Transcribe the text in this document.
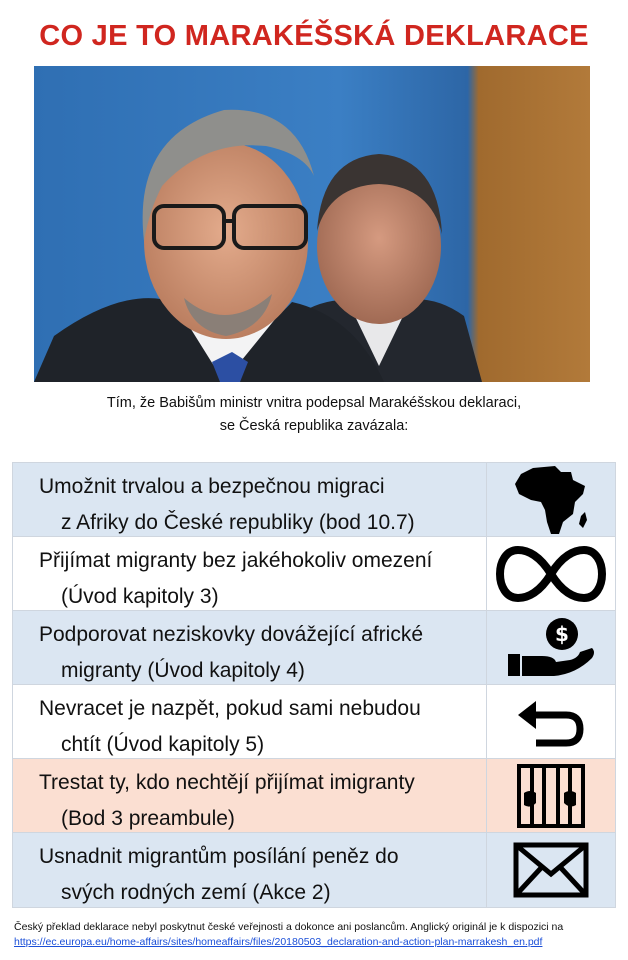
CO JE TO MARAKÉŠSKÁ DEKLARACE
Tím, že Babišům ministr vnitra podepsal Marakéšskou deklaraci,
se Česká republika zavázala:
Umožnit trvalou a bezpečnou migraci
z Afriky do České republiky (bod 10.7)
Přijímat migranty bez jakéhokoliv omezení
(Úvod kapitoly 3)
Podporovat neziskovky dovážející africké
migranty (Úvod kapitoly 4)
$
Nevracet je nazpět, pokud sami nebudou
chtít (Úvod kapitoly 5)
Trestat ty, kdo nechtějí přijímat imigranty
(Bod 3 preambule)
Usnadnit migrantům posílání peněz do
svých rodných zemí (Akce 2)
Český překlad deklarace nebyl poskytnut české veřejnosti a dokonce ani poslancům. Anglický originál je k dispozici na
https://ec.europa.eu/home-affairs/sites/homeaffairs/files/20180503_declaration-and-action-plan-marrakesh_en.pdf
